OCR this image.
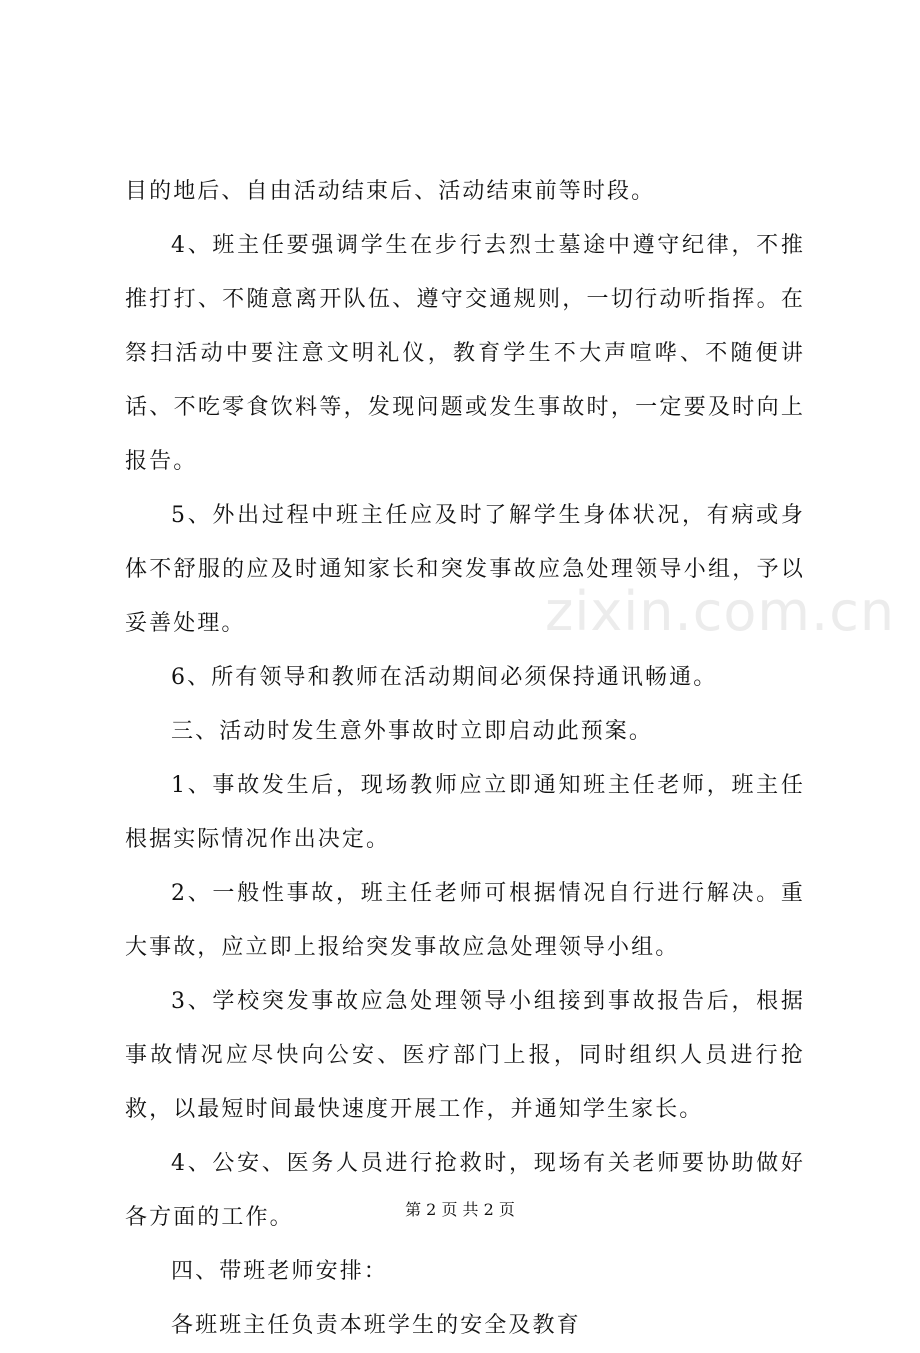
目的地后、自由活动结束后、活动结束前等时段。

4、班主任要强调学生在步行去烈士墓途中遵守纪律，不推推打打、不随意离开队伍、遵守交通规则，一切行动听指挥。在祭扫活动中要注意文明礼仪，教育学生不大声喧哗、不随便讲话、不吃零食饮料等，发现问题或发生事故时，一定要及时向上报告。

5、外出过程中班主任应及时了解学生身体状况，有病或身体不舒服的应及时通知家长和突发事故应急处理领导小组，予以妥善处理。

6、所有领导和教师在活动期间必须保持通讯畅通。

三、活动时发生意外事故时立即启动此预案。

1、事故发生后，现场教师应立即通知班主任老师，班主任根据实际情况作出决定。

2、一般性事故，班主任老师可根据情况自行进行解决。重大事故，应立即上报给突发事故应急处理领导小组。

3、学校突发事故应急处理领导小组接到事故报告后，根据事故情况应尽快向公安、医疗部门上报，同时组织人员进行抢救，以最短时间最快速度开展工作，并通知学生家长。

4、公安、医务人员进行抢救时，现场有关老师要协助做好各方面的工作。

四、带班老师安排：

各班班主任负责本班学生的安全及教育

zixin.com.cn
第 2 页 共 2 页
